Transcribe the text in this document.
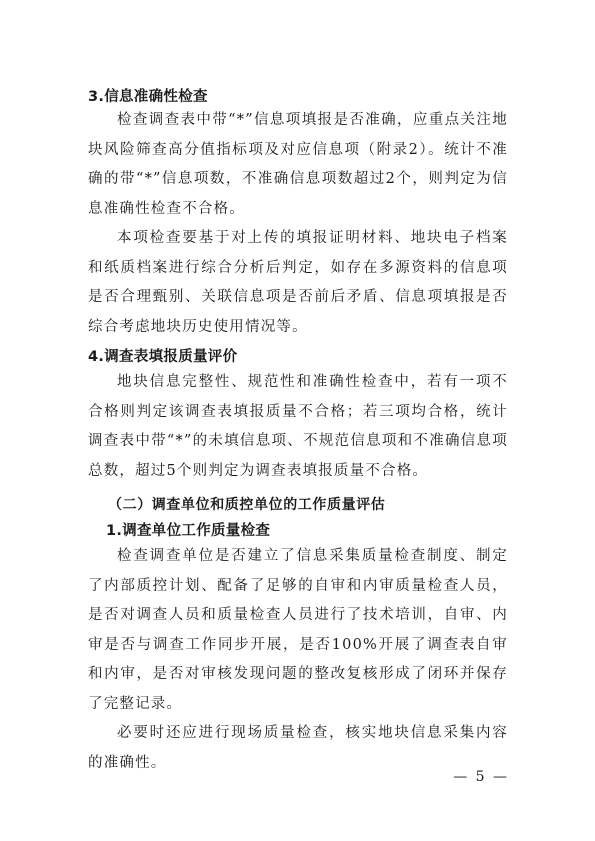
3.信息准确性检查

检查调查表中带“*”信息项填报是否准确，应重点关注地块风险筛查高分值指标项及对应信息项（附录2）。统计不准确的带“*”信息项数，不准确信息项数超过2个，则判定为信息准确性检查不合格。

本项检查要基于对上传的填报证明材料、地块电子档案和纸质档案进行综合分析后判定，如存在多源资料的信息项是否合理甄别、关联信息项是否前后矛盾、信息项填报是否综合考虑地块历史使用情况等。

4.调查表填报质量评价

地块信息完整性、规范性和准确性检查中，若有一项不合格则判定该调查表填报质量不合格；若三项均合格，统计调查表中带“*”的未填信息项、不规范信息项和不准确信息项总数，超过5个则判定为调查表填报质量不合格。

（二）调查单位和质控单位的工作质量评估
1.调查单位工作质量检查

检查调查单位是否建立了信息采集质量检查制度、制定了内部质控计划、配备了足够的自审和内审质量检查人员，是否对调查人员和质量检查人员进行了技术培训，自审、内审是否与调查工作同步开展，是否100%开展了调查表自审和内审，是否对审核发现问题的整改复核形成了闭环并保存了完整记录。

必要时还应进行现场质量检查，核实地块信息采集内容的准确性。

— 5 —
